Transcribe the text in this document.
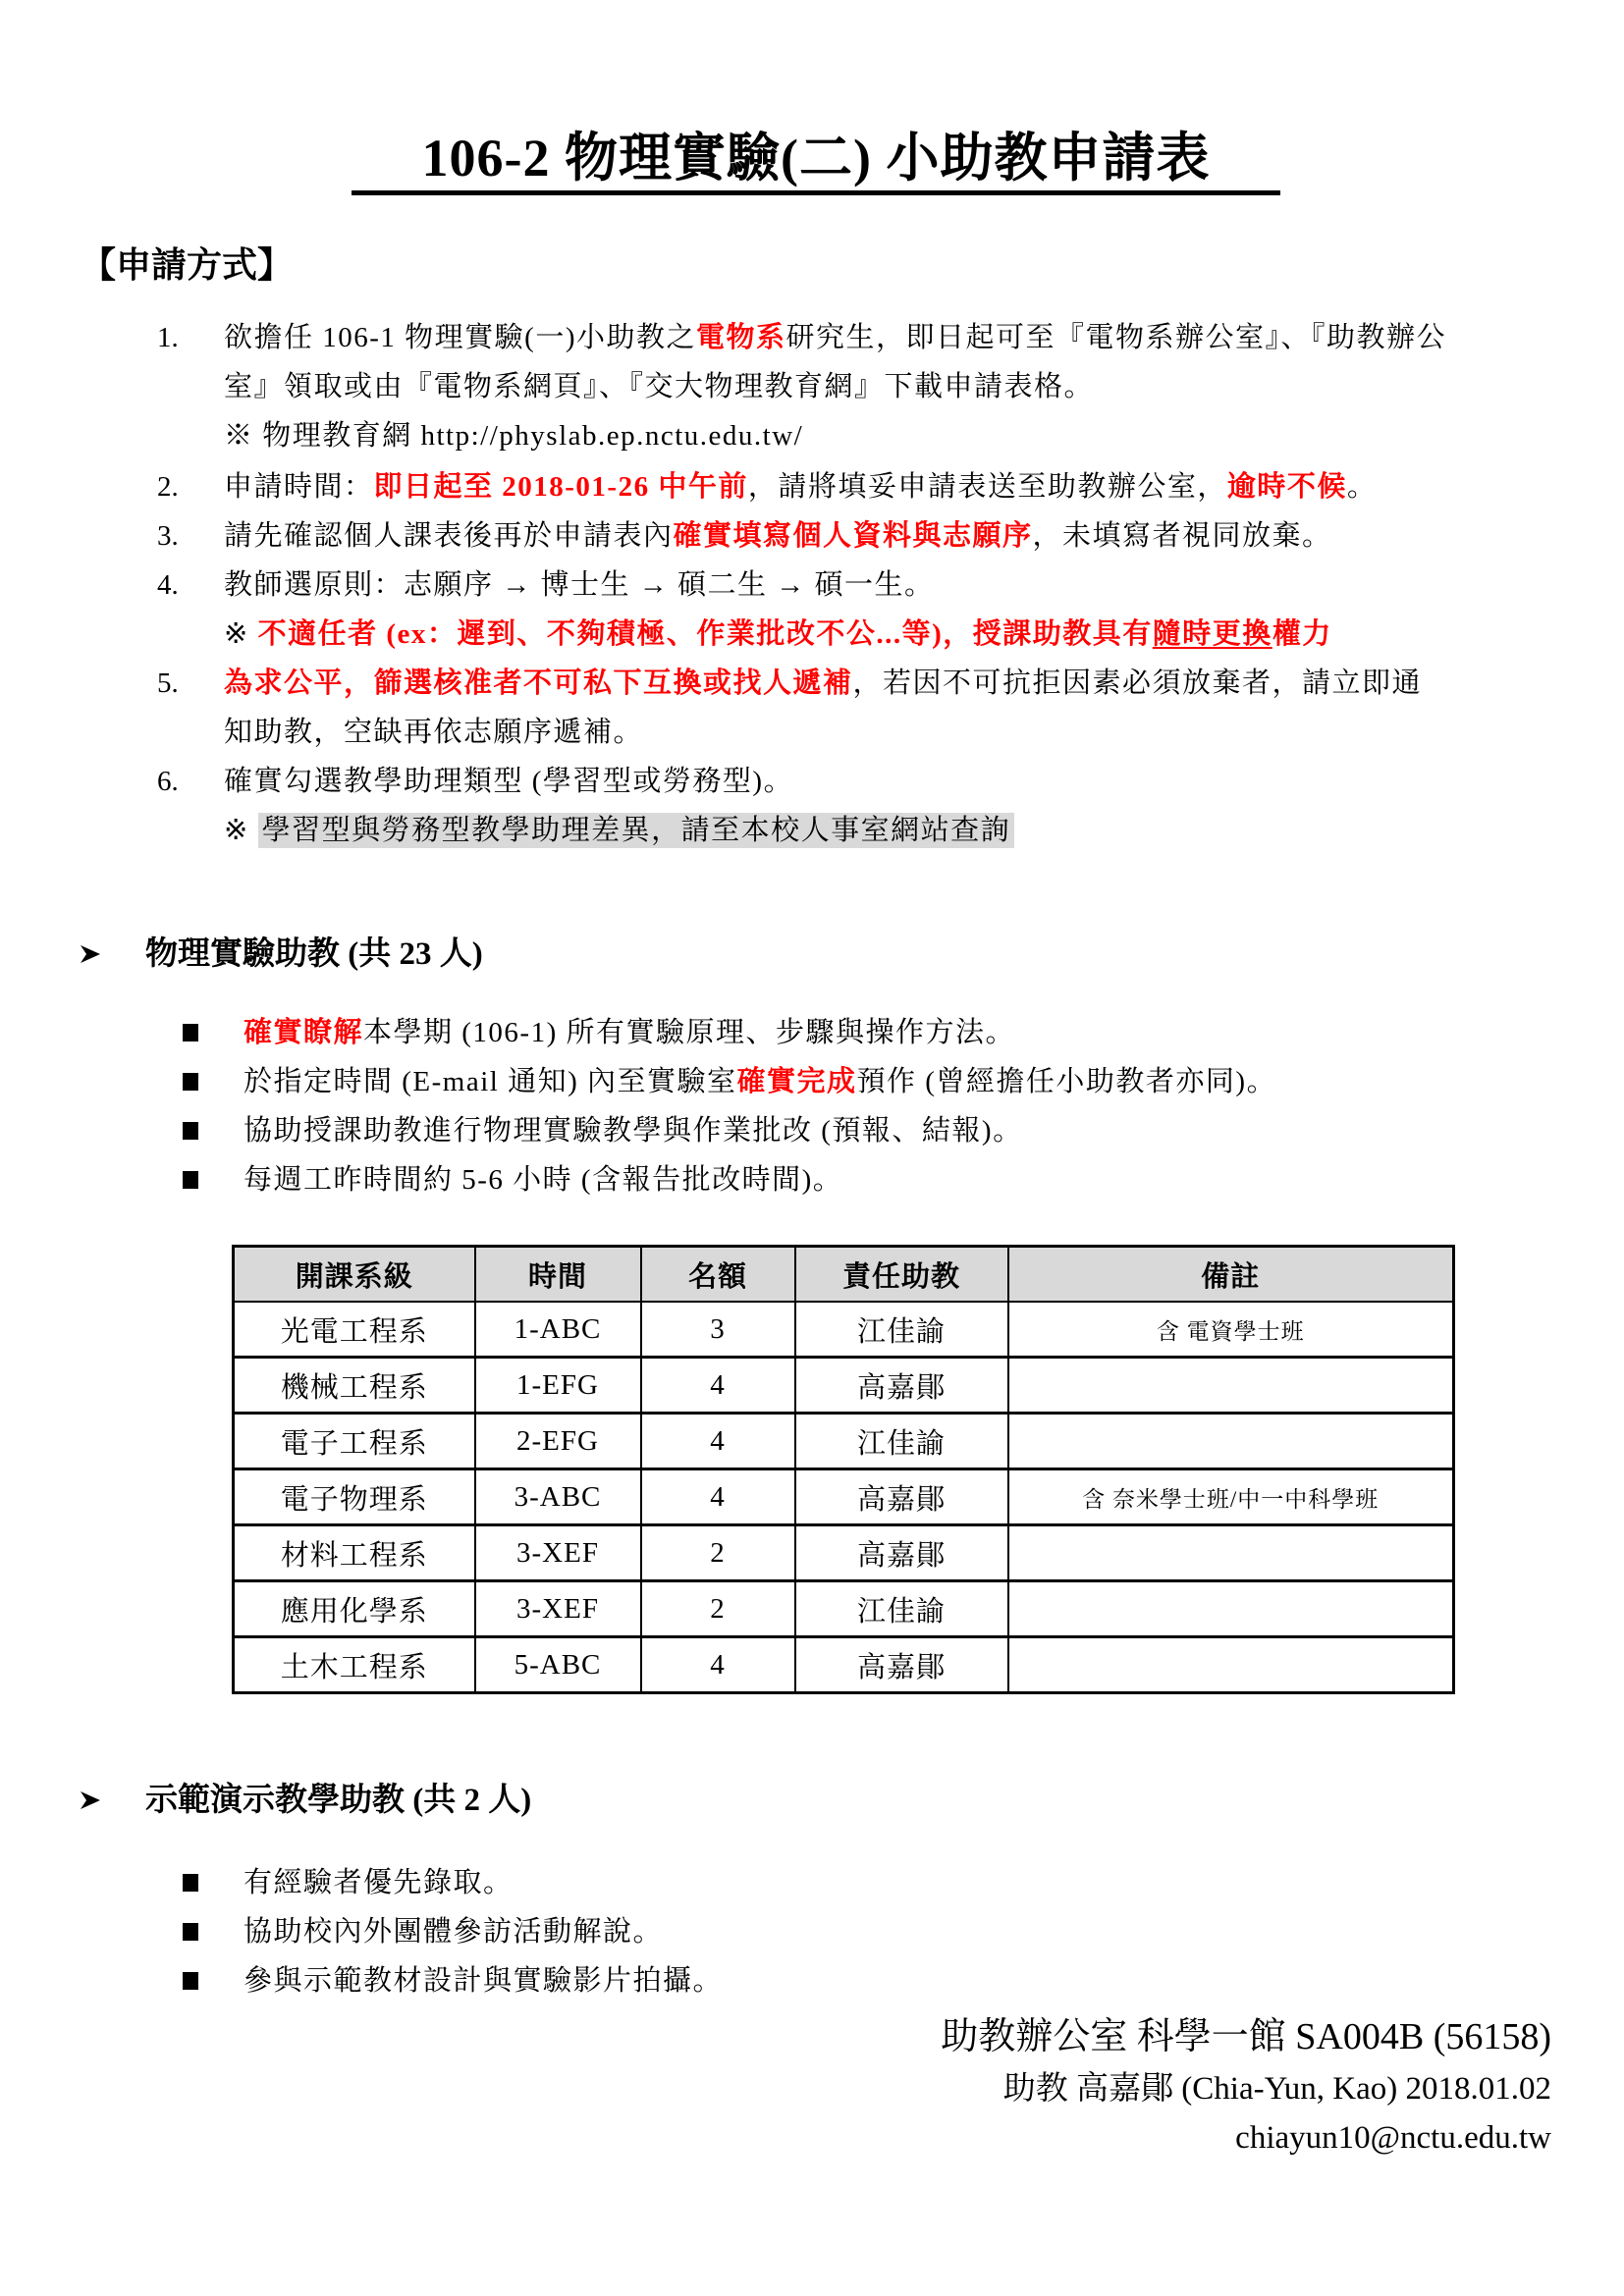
106-2 物理實驗(二) 小助教申請表
【申請方式】
1. 欲擔任 106-1 物理實驗(一)小助教之電物系研究生，即日起可至『電物系辦公室』、『助教辦公
室』領取或由『電物系網頁』、『交大物理教育網』下載申請表格。
※ 物理教育網 http://physlab.ep.nctu.edu.tw/
2. 申請時間：即日起至 2018-01-26 中午前，請將填妥申請表送至助教辦公室，逾時不候。
3. 請先確認個人課表後再於申請表內確實填寫個人資料與志願序，未填寫者視同放棄。
4. 教師選原則：志願序 → 博士生 → 碩二生 → 碩一生。
※ 不適任者 (ex：遲到、不夠積極、作業批改不公...等)，授課助教具有隨時更換權力
5. 為求公平，篩選核准者不可私下互換或找人遞補，若因不可抗拒因素必須放棄者，請立即通
知助教，空缺再依志願序遞補。
6. 確實勾選教學助理類型 (學習型或勞務型)。
※ 學習型與勞務型教學助理差異，請至本校人事室網站查詢
物理實驗助教 (共 23 人)
確實瞭解本學期 (106-1) 所有實驗原理、步驟與操作方法。
於指定時間 (E-mail 通知) 內至實驗室確實完成預作 (曾經擔任小助教者亦同)。
協助授課助教進行物理實驗教學與作業批改 (預報、結報)。
每週工昨時間約 5-6 小時 (含報告批改時間)。
開課系級	時間	名額	責任助教	備註
光電工程系	1-ABC	3	江佳諭	含 電資學士班
機械工程系	1-EFG	4	高嘉鄖	
電子工程系	2-EFG	4	江佳諭	
電子物理系	3-ABC	4	高嘉鄖	含 奈米學士班/中一中科學班
材料工程系	3-XEF	2	高嘉鄖	
應用化學系	3-XEF	2	江佳諭	
土木工程系	5-ABC	4	高嘉鄖	
示範演示教學助教 (共 2 人)
有經驗者優先錄取。
協助校內外團體參訪活動解說。
參與示範教材設計與實驗影片拍攝。
助教辦公室 科學一館 SA004B (56158)
助教 高嘉鄖 (Chia-Yun, Kao) 2018.01.02
chiayun10@nctu.edu.tw
